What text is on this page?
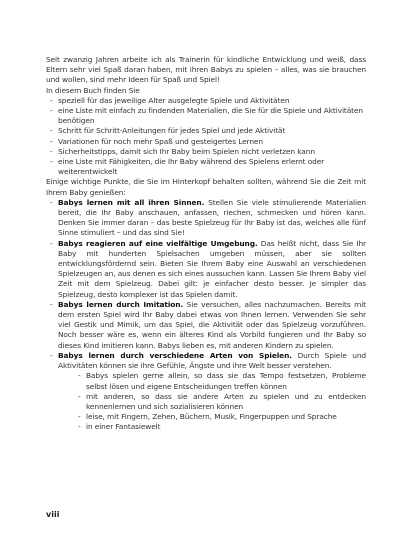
Seit zwanzig Jahren arbeite ich als Trainerin für kindliche Entwicklung und weiß, dass Eltern sehr viel Spaß daran haben, mit ihren Babys zu spielen – alles, was sie brauchen und wollen, sind mehr Ideen für Spaß und Spiel!

In diesem Buch finden Sie

- speziell für das jeweilige Alter ausgelegte Spiele und Aktivitäten
- eine Liste mit einfach zu findenden Materialien, die Sie für die Spiele und Aktivitäten benötigen
- Schritt für Schritt-Anleitungen für jedes Spiel und jede Aktivität
- Variationen für noch mehr Spaß und gesteigertes Lernen
- Sicherheitstipps, damit sich Ihr Baby beim Spielen nicht verletzen kann
- eine Liste mit Fähigkeiten, die Ihr Baby während des Spielens erlernt oder weiterentwickelt

Einige wichtige Punkte, die Sie im Hinterkopf behalten sollten, während Sie die Zeit mit Ihrem Baby genießen:

- Babys lernen mit all ihren Sinnen. Stellen Sie viele stimulierende Materialien bereit, die Ihr Baby anschauen, anfassen, riechen, schmecken und hören kann. Denken Sie immer daran – das beste Spielzeug für Ihr Baby ist das, welches alle fünf Sinne stimuliert – und das sind Sie!
- Babys reagieren auf eine vielfältige Umgebung. Das heißt nicht, dass Sie Ihr Baby mit hunderten Spielsachen umgeben müssen, aber sie sollten entwicklungsfördernd sein. Bieten Sie Ihrem Baby eine Auswahl an verschiedenen Spielzeugen an, aus denen es sich eines aussuchen kann. Lassen Sie Ihrem Baby viel Zeit mit dem Spielzeug. Dabei gilt: je einfacher desto besser. Je simpler das Spielzeug, desto komplexer ist das Spielen damit.
- Babys lernen durch Imitation. Sie versuchen, alles nachzumachen. Bereits mit dem ersten Spiel wird Ihr Baby dabei etwas von Ihnen lernen. Verwenden Sie sehr viel Gestik und Mimik, um das Spiel, die Aktivität oder das Spielzeug vorzuführen. Noch besser wäre es, wenn ein älteres Kind als Vorbild fungieren und Ihr Baby so dieses Kind imitieren kann. Babys lieben es, mit anderen Kindern zu spielen.
- Babys lernen durch verschiedene Arten von Spielen. Durch Spiele und Aktivitäten können sie ihre Gefühle, Ängste und ihre Welt besser verstehen.
- Babys spielen gerne allein, so dass sie das Tempo festsetzen, Probleme selbst lösen und eigene Entscheidungen treffen können
- mit anderen, so dass sie andere Arten zu spielen und zu entdecken kennenlernen und sich sozialisieren können
- leise, mit Fingern, Zehen, Büchern, Musik, Fingerpuppen und Sprache
- in einer Fantasiewelt
viii
